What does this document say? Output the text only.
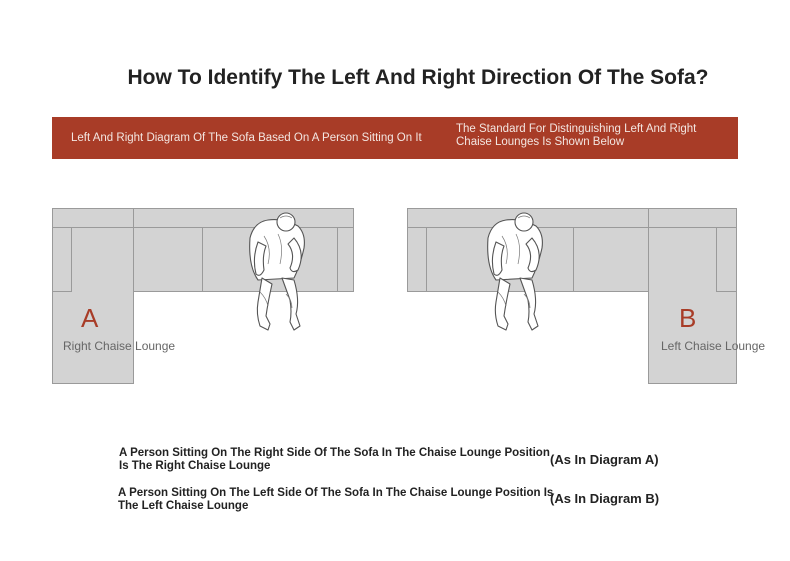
How To Identify The Left And Right Direction Of The Sofa?
Left And Right Diagram Of The Sofa Based On A Person Sitting On It
The Standard For Distinguishing Left And Right Chaise Lounges Is Shown Below
A
Right Chaise Lounge
B
Left Chaise Lounge
A Person Sitting On The Right Side Of The Sofa In The Chaise Lounge Position Is The Right Chaise Lounge	(As In Diagram A)
A Person Sitting On The Left Side Of The Sofa In The Chaise Lounge Position Is The Left Chaise Lounge	(As In Diagram B)
